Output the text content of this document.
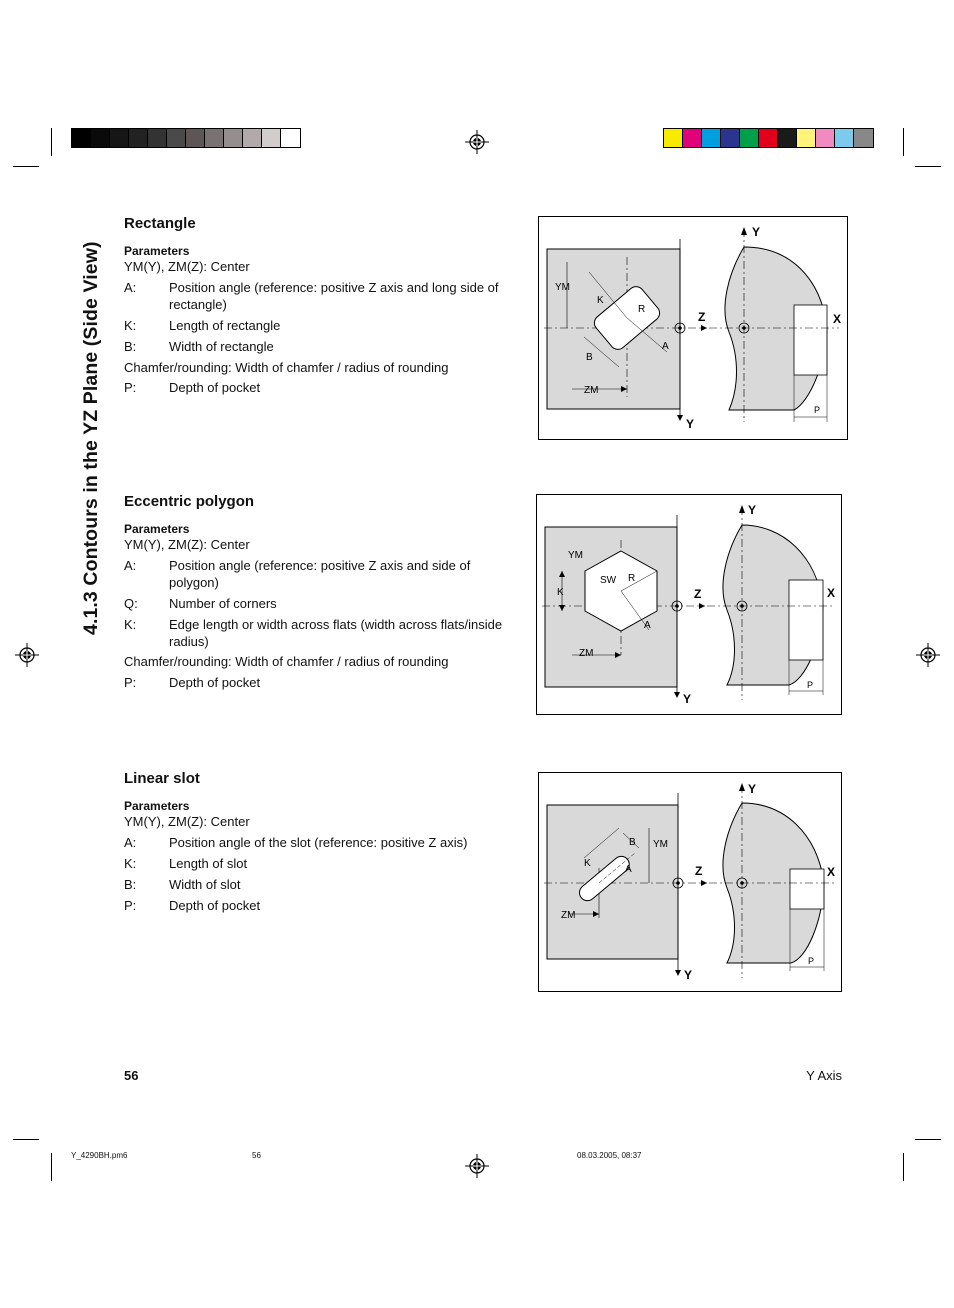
4.1.3 Contours in the YZ Plane (Side View)
Rectangle

Parameters

YM(Y), ZM(Z): Center

A:	Position angle (reference: positive Z axis and long side of rectangle)
K:	Length of rectangle
B:	Width of rectangle
Chamfer/rounding: Width of chamfer / radius of rounding
P:	Depth of pocket
Eccentric polygon

Parameters

YM(Y), ZM(Z): Center

A:	Position angle (reference: positive Z axis and side of polygon)
Q:	Number of corners
K:	Edge length or width across flats (width across flats/inside radius)
Chamfer/rounding: Width of chamfer / radius of rounding
P:	Depth of pocket
Linear slot

Parameters

YM(Y), ZM(Z): Center

A:	Position angle of the slot (reference: positive Z axis)
K:	Length of slot
B:	Width of slot
P:	Depth of pocket
YM
ZM
K
B
R
A
Z
Y
Y
X
P
YM
ZM
K
SW R
A
Z
Y
Y
X
P
YM
ZM
K
B
A	Z
Y
Y
X
P
56	Y Axis
Y_4290BH.pm6	56	08.03.2005, 08:37
